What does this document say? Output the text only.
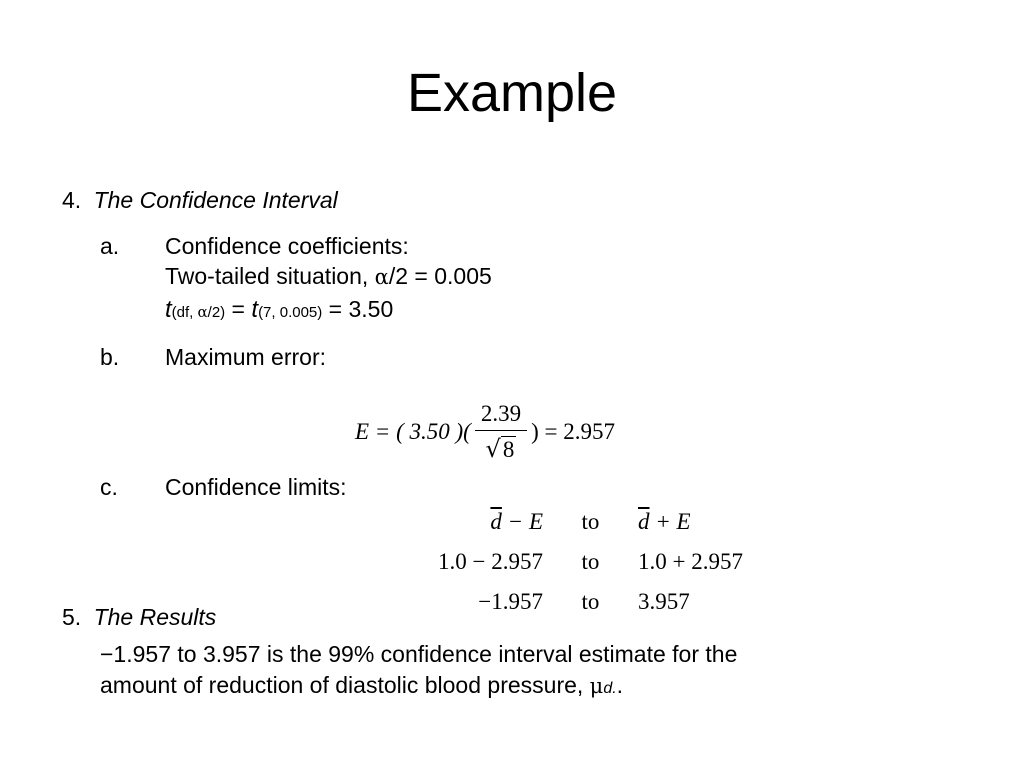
Example
4. The Confidence Interval
a. Confidence coefficients:
Two-tailed situation, α/2 = 0.005
t(df, α/2) = t(7, 0.005) = 3.50
b. Maximum error:
E = ( 3.50 )( $\frac{2.39}{√8}$ ) = 2.957
c. Confidence limits:
$\overline{d} - E$	to	$\overline{d} + E$
1.0 − 2.957	to	1.0 + 2.957
−1.957	to	3.957
5. The Results
−1.957 to 3.957 is the 99% confidence interval estimate for the
amount of reduction of diastolic blood pressure, μd..
